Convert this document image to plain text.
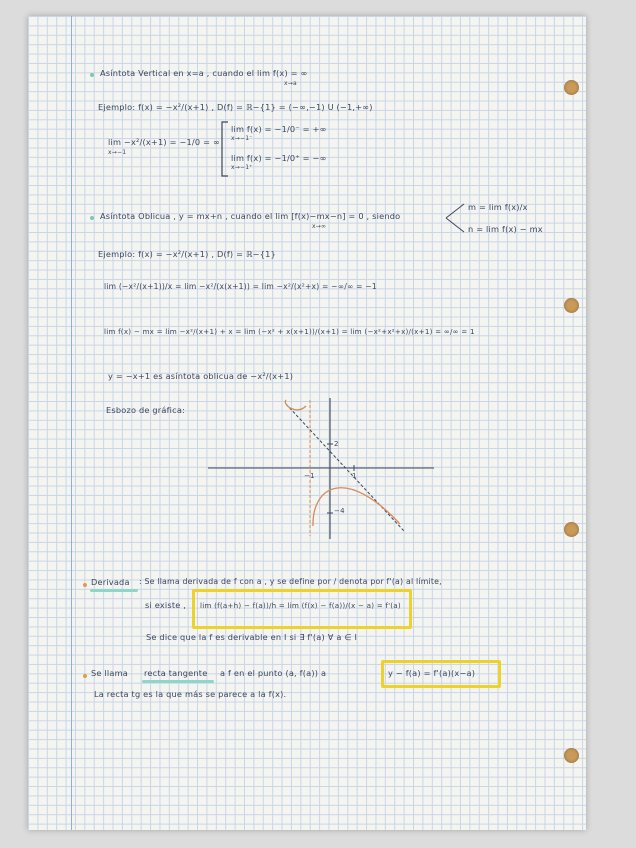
Asíntota Vertical en x=a , cuando el lim f(x) = ∞
x→a
Ejemplo: f(x) = −x²/(x+1) , D(f) = ℝ−{1} = (−∞,−1) U (−1,+∞)
lim −x²/(x+1) = −1/0 = ∞
x→−1
lim f(x) = −1/0⁻ = +∞
x→−1⁻
lim f(x) = −1/0⁺ = −∞
x→−1⁺
Asíntota Oblicua , y = mx+n , cuando el lim [f(x)−mx−n] = 0 , siendo
x→∞
m = lim f(x)/x
n = lim f(x) − mx
Ejemplo: f(x) = −x²/(x+1) , D(f) = ℝ−{1}
lim (−x²/(x+1))/x = lim −x²/(x(x+1)) = lim −x²/(x²+x) = −∞/∞ = −1
lim f(x) − mx = lim −x²/(x+1) + x = lim (−x² + x(x+1))/(x+1) = lim (−x²+x²+x)/(x+1) = ∞/∞ = 1
y = −x+1 es asíntota oblicua de −x²/(x+1)
Esbozo de gráfica:
2
−1	1
−4
Derivada : Se llama derivada de f con a , y se define por / denota por f'(a) al límite,
si existe , lim (f(a+h) − f(a))/h = lim (f(x) − f(a))/(x − a) = f'(a)
Se dice que la f es derivable en I si ∃ f'(a) ∀ a ∈ I
Se llama recta tangente a f en el punto (a, f(a)) a	y − f(a) = f'(a)(x−a)
La recta tg es la que más se parece a la f(x).
